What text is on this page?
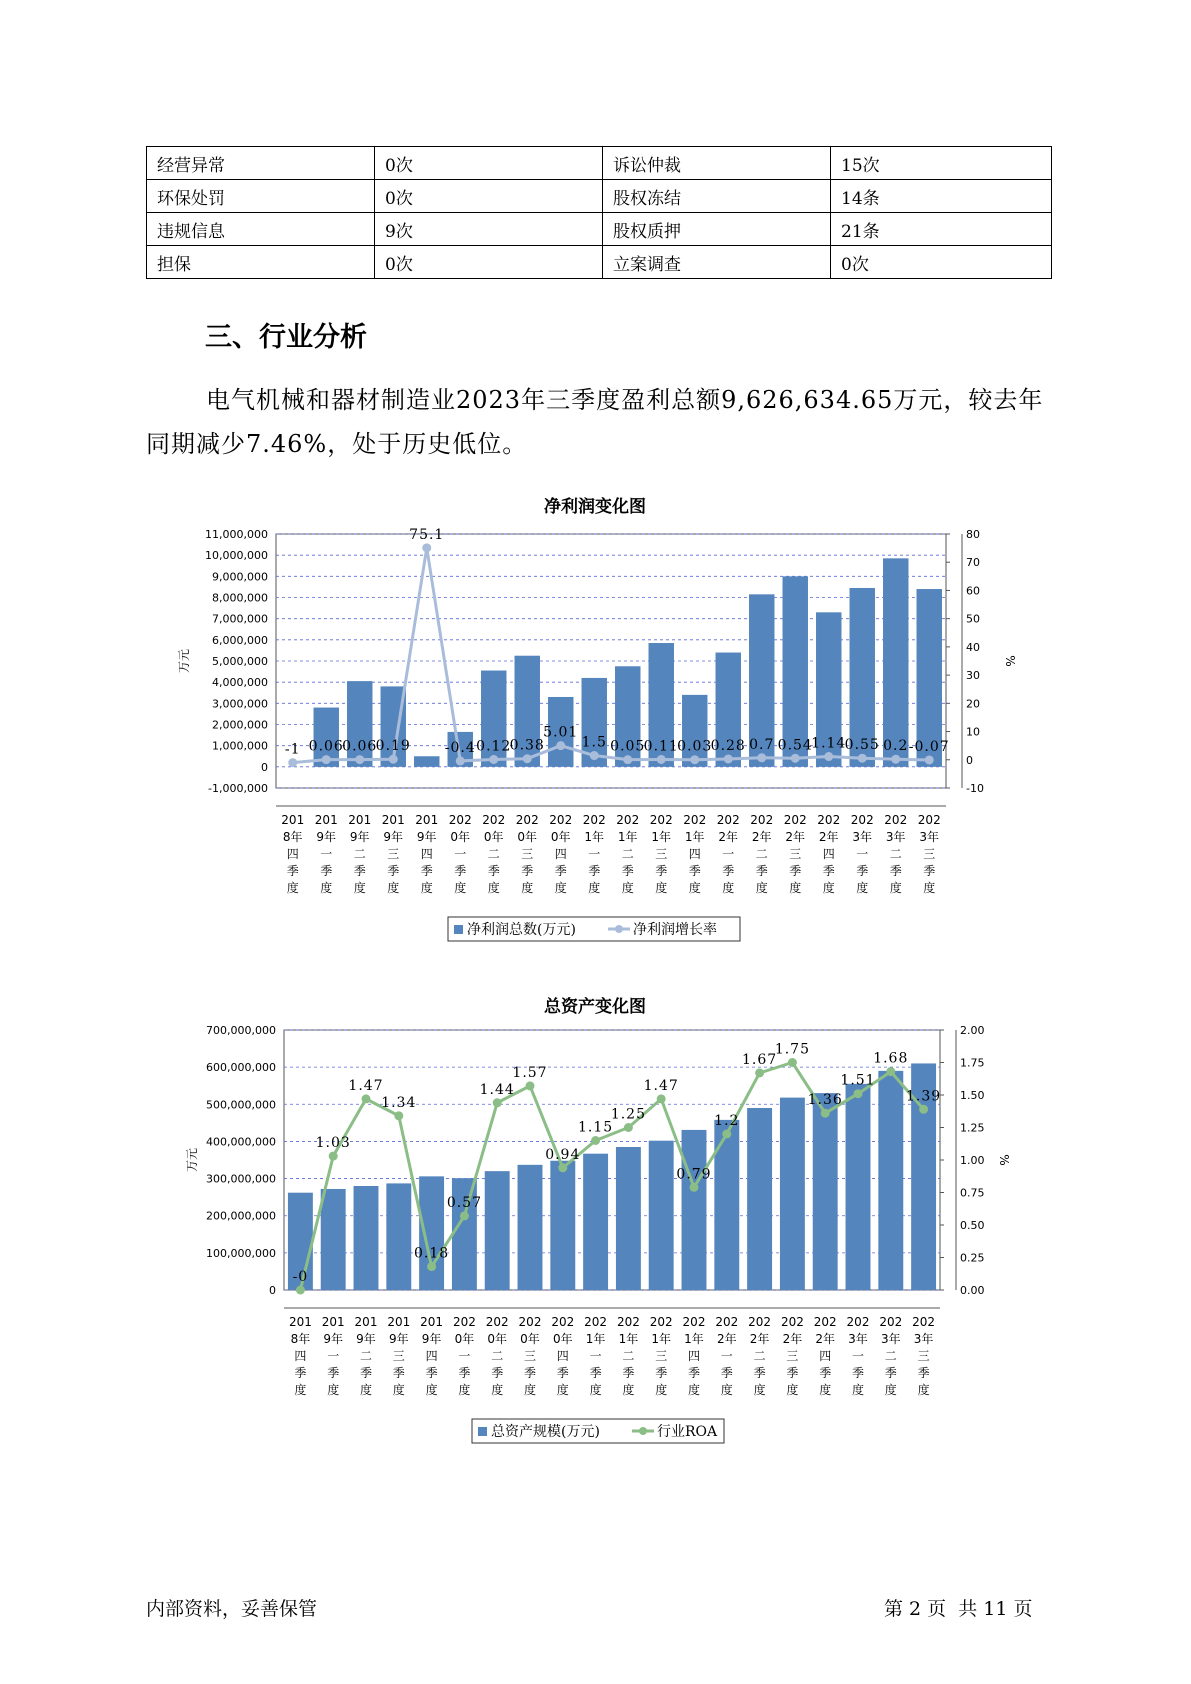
经营异常	0次	诉讼仲裁	15次
环保处罚	0次	股权冻结	14条
违规信息	9次	股权质押	21条
担保	0次	立案调查	0次
三、行业分析

电气机械和器材制造业2023年三季度盈利总额9,626,634.65万元，较去年同期减少7.46%，处于历史低位。

净利润变化图
11,000,000
10,000,000
9,000,000
8,000,000
7,000,000
6,000,000
5,000,000
4,000,000
3,000,000
2,000,000
1,000,000
0
-1,000,000
80
70
60
50
40
30
20
10
0
-10
万元	%
-1 0.06
0.06
0.19
75.1
-0.4 0.12
0.38
5.01
1.5 0.05
0.11
0.03
0.28 0.7 0.54
1.14
0.55 0.2 -0.07
201 8年四季度
201 9年一季度
201 9年二季度
201 9年三季度
201 9年四季度
202 0年一季度
202 0年二季度
202 0年三季度
202 0年四季度
202 1年一季度
202 1年二季度
202 1年三季度
202 1年四季度
202 2年一季度
202 2年二季度
202 2年三季度
202 2年四季度
202 3年一季度
202 3年二季度
202 3年三季度
净利润总数(万元)	净利润增长率
总资产变化图
700,000,000
600,000,000
500,000,000
400,000,000
300,000,000
200,000,000
100,000,000
0
2.00
1.75
1.50
1.25
1.00
0.75
0.50
0.25
0.00
万元	%
-0
1.03
1.47
1.34
0.18
0.57
1.44
1.57
0.94
1.15
1.25
1.47
0.79
1.2
1.67
1.75
1.36
1.51
1.68
1.39
201 8年四季度
201 9年一季度
201 9年二季度
201 9年三季度
201 9年四季度
202 0年一季度
202 0年二季度
202 0年三季度
202 0年四季度
202 1年一季度
202 1年二季度
202 1年三季度
202 1年四季度
202 2年一季度
202 2年二季度
202 2年三季度
202 2年四季度
202 3年一季度
202 3年二季度
202 3年三季度
总资产规模(万元)	行业ROA
内部资料，妥善保管	第 2 页  共 11 页
